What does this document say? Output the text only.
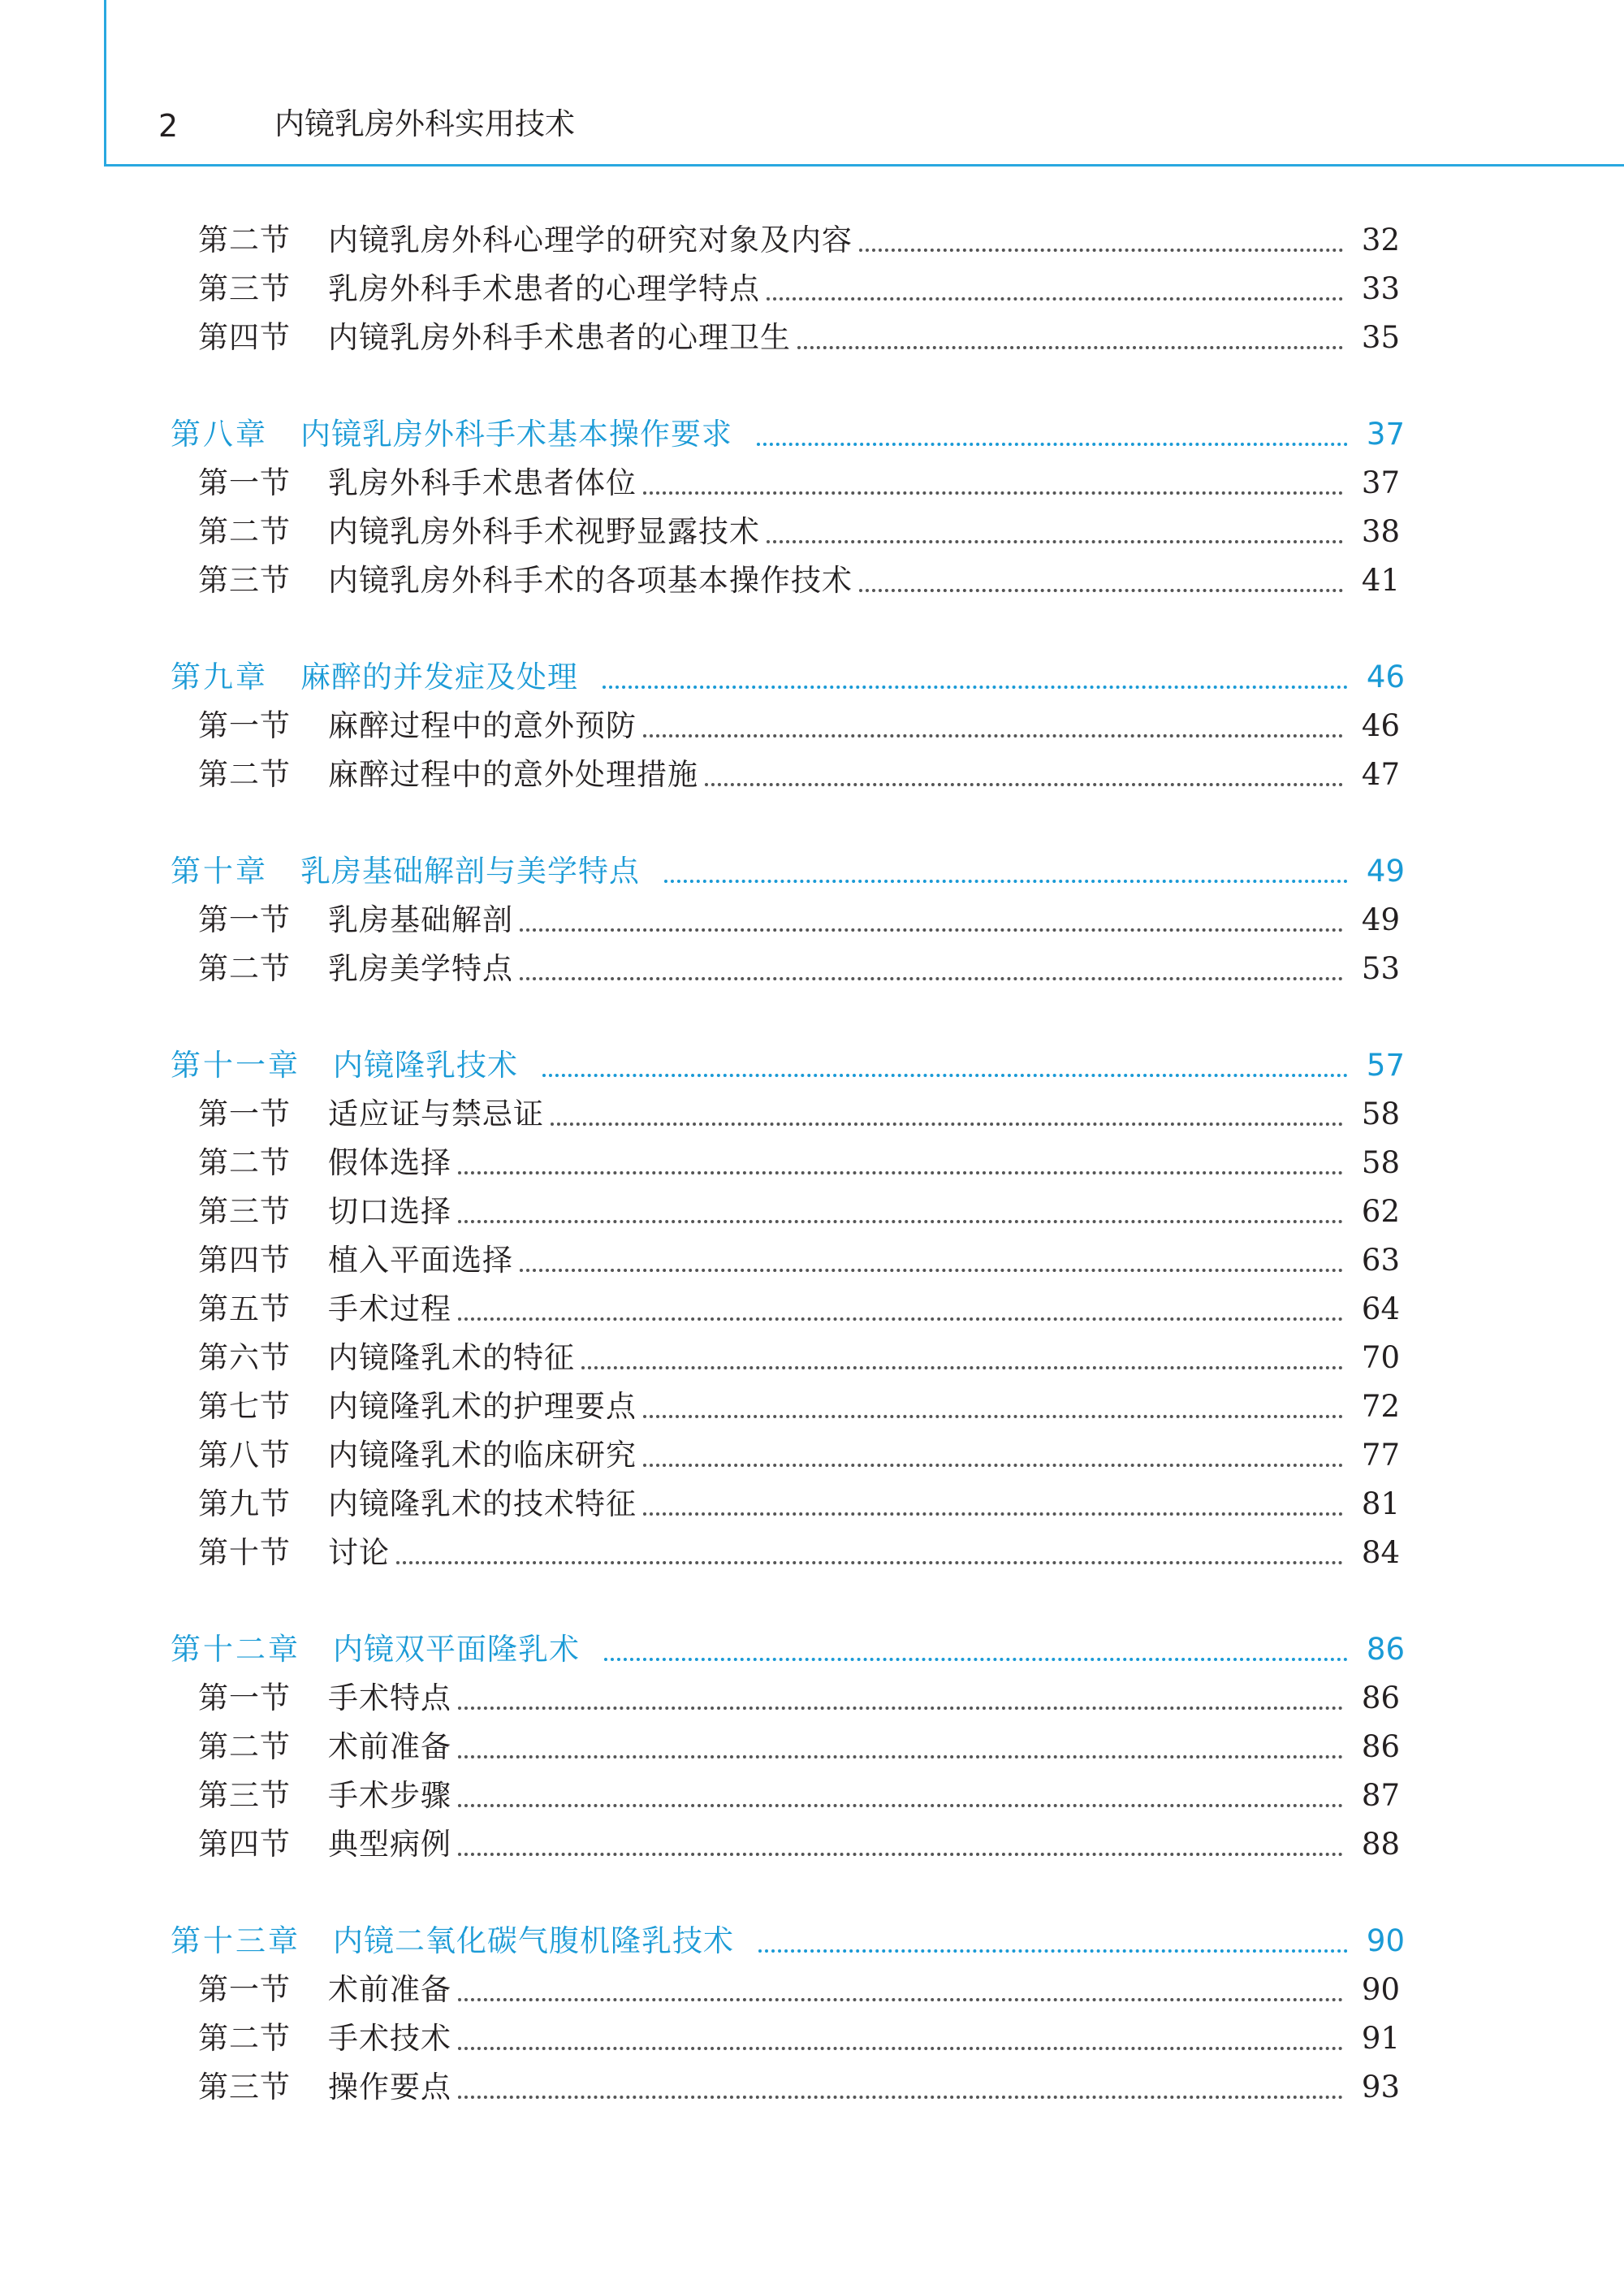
2	内镜乳房外科实用技术
第二节	内镜乳房外科心理学的研究对象及内容	32
第三节	乳房外科手术患者的心理学特点	33
第四节	内镜乳房外科手术患者的心理卫生	35
第八章 内镜乳房外科手术基本操作要求	37
第一节	乳房外科手术患者体位	37
第二节	内镜乳房外科手术视野显露技术	38
第三节	内镜乳房外科手术的各项基本操作技术	41
第九章 麻醉的并发症及处理	46
第一节	麻醉过程中的意外预防	46
第二节	麻醉过程中的意外处理措施	47
第十章 乳房基础解剖与美学特点	49
第一节	乳房基础解剖	49
第二节	乳房美学特点	53
第十一章 内镜隆乳技术	57
第一节	适应证与禁忌证	58
第二节	假体选择	58
第三节	切口选择	62
第四节	植入平面选择	63
第五节	手术过程	64
第六节	内镜隆乳术的特征	70
第七节	内镜隆乳术的护理要点	72
第八节	内镜隆乳术的临床研究	77
第九节	内镜隆乳术的技术特征	81
第十节	讨论	84
第十二章 内镜双平面隆乳术	86
第一节	手术特点	86
第二节	术前准备	86
第三节	手术步骤	87
第四节	典型病例	88
第十三章 内镜二氧化碳气腹机隆乳技术	90
第一节	术前准备	90
第二节	手术技术	91
第三节	操作要点	93
